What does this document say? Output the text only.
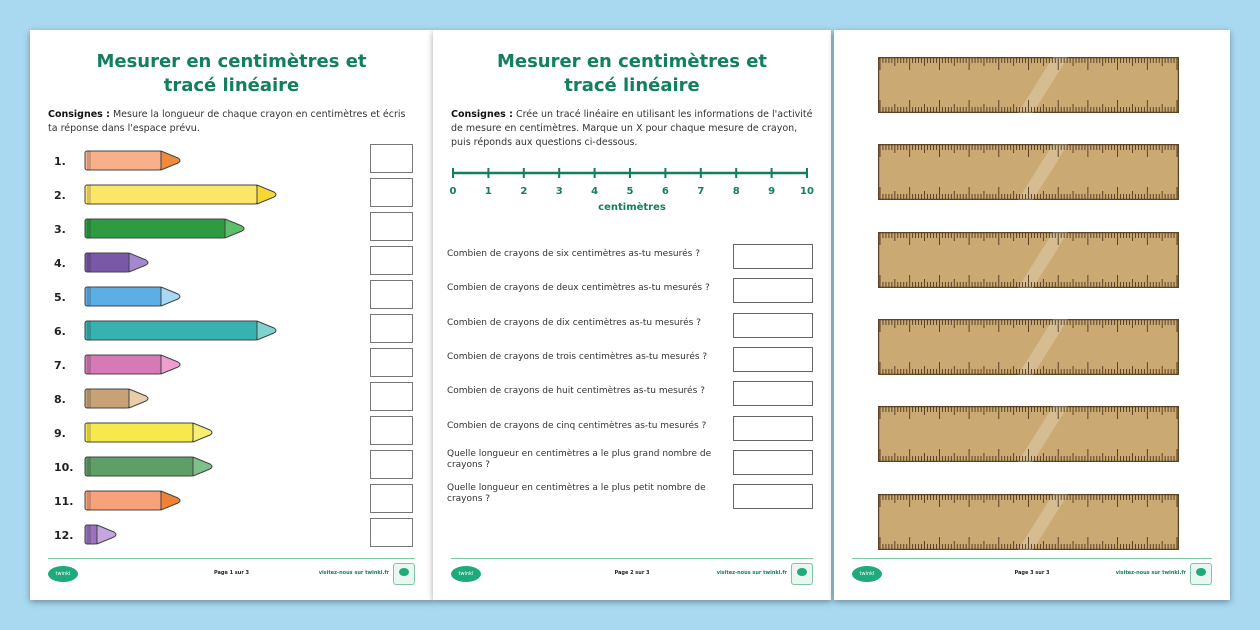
Mesurer en centimètres et
tracé linéaire
Consignes : Mesure la longueur de chaque crayon en centimètres et écris ta réponse dans l'espace prévu.
1.
2.
3.
4.
5.
6.
7.
8.
9.
10.
11.
12.
twinkl	Page 1 sur 3	visitez-nous sur twinkl.fr
Mesurer en centimètres et
tracé linéaire
Consignes : Crée un tracé linéaire en utilisant les informations de l'activité de mesure en centimètres. Marque un X pour chaque mesure de crayon, puis réponds aux questions ci-dessous.
0	1	2	3	4	5	6	7	8	9 10
centimètres
Combien de crayons de six centimètres as-tu mesurés ?
Combien de crayons de deux centimètres as-tu mesurés ?
Combien de crayons de dix centimètres as-tu mesurés ?
Combien de crayons de trois centimètres as-tu mesurés ?
Combien de crayons de huit centimètres as-tu mesurés ?
Combien de crayons de cinq centimètres as-tu mesurés ?
Quelle longueur en centimètres a le plus grand nombre de crayons ?
Quelle longueur en centimètres a le plus petit nombre de crayons ?
twinkl	Page 2 sur 3	visitez-nous sur twinkl.fr	twinkl	Page 3 sur 3	visitez-nous sur twinkl.fr
